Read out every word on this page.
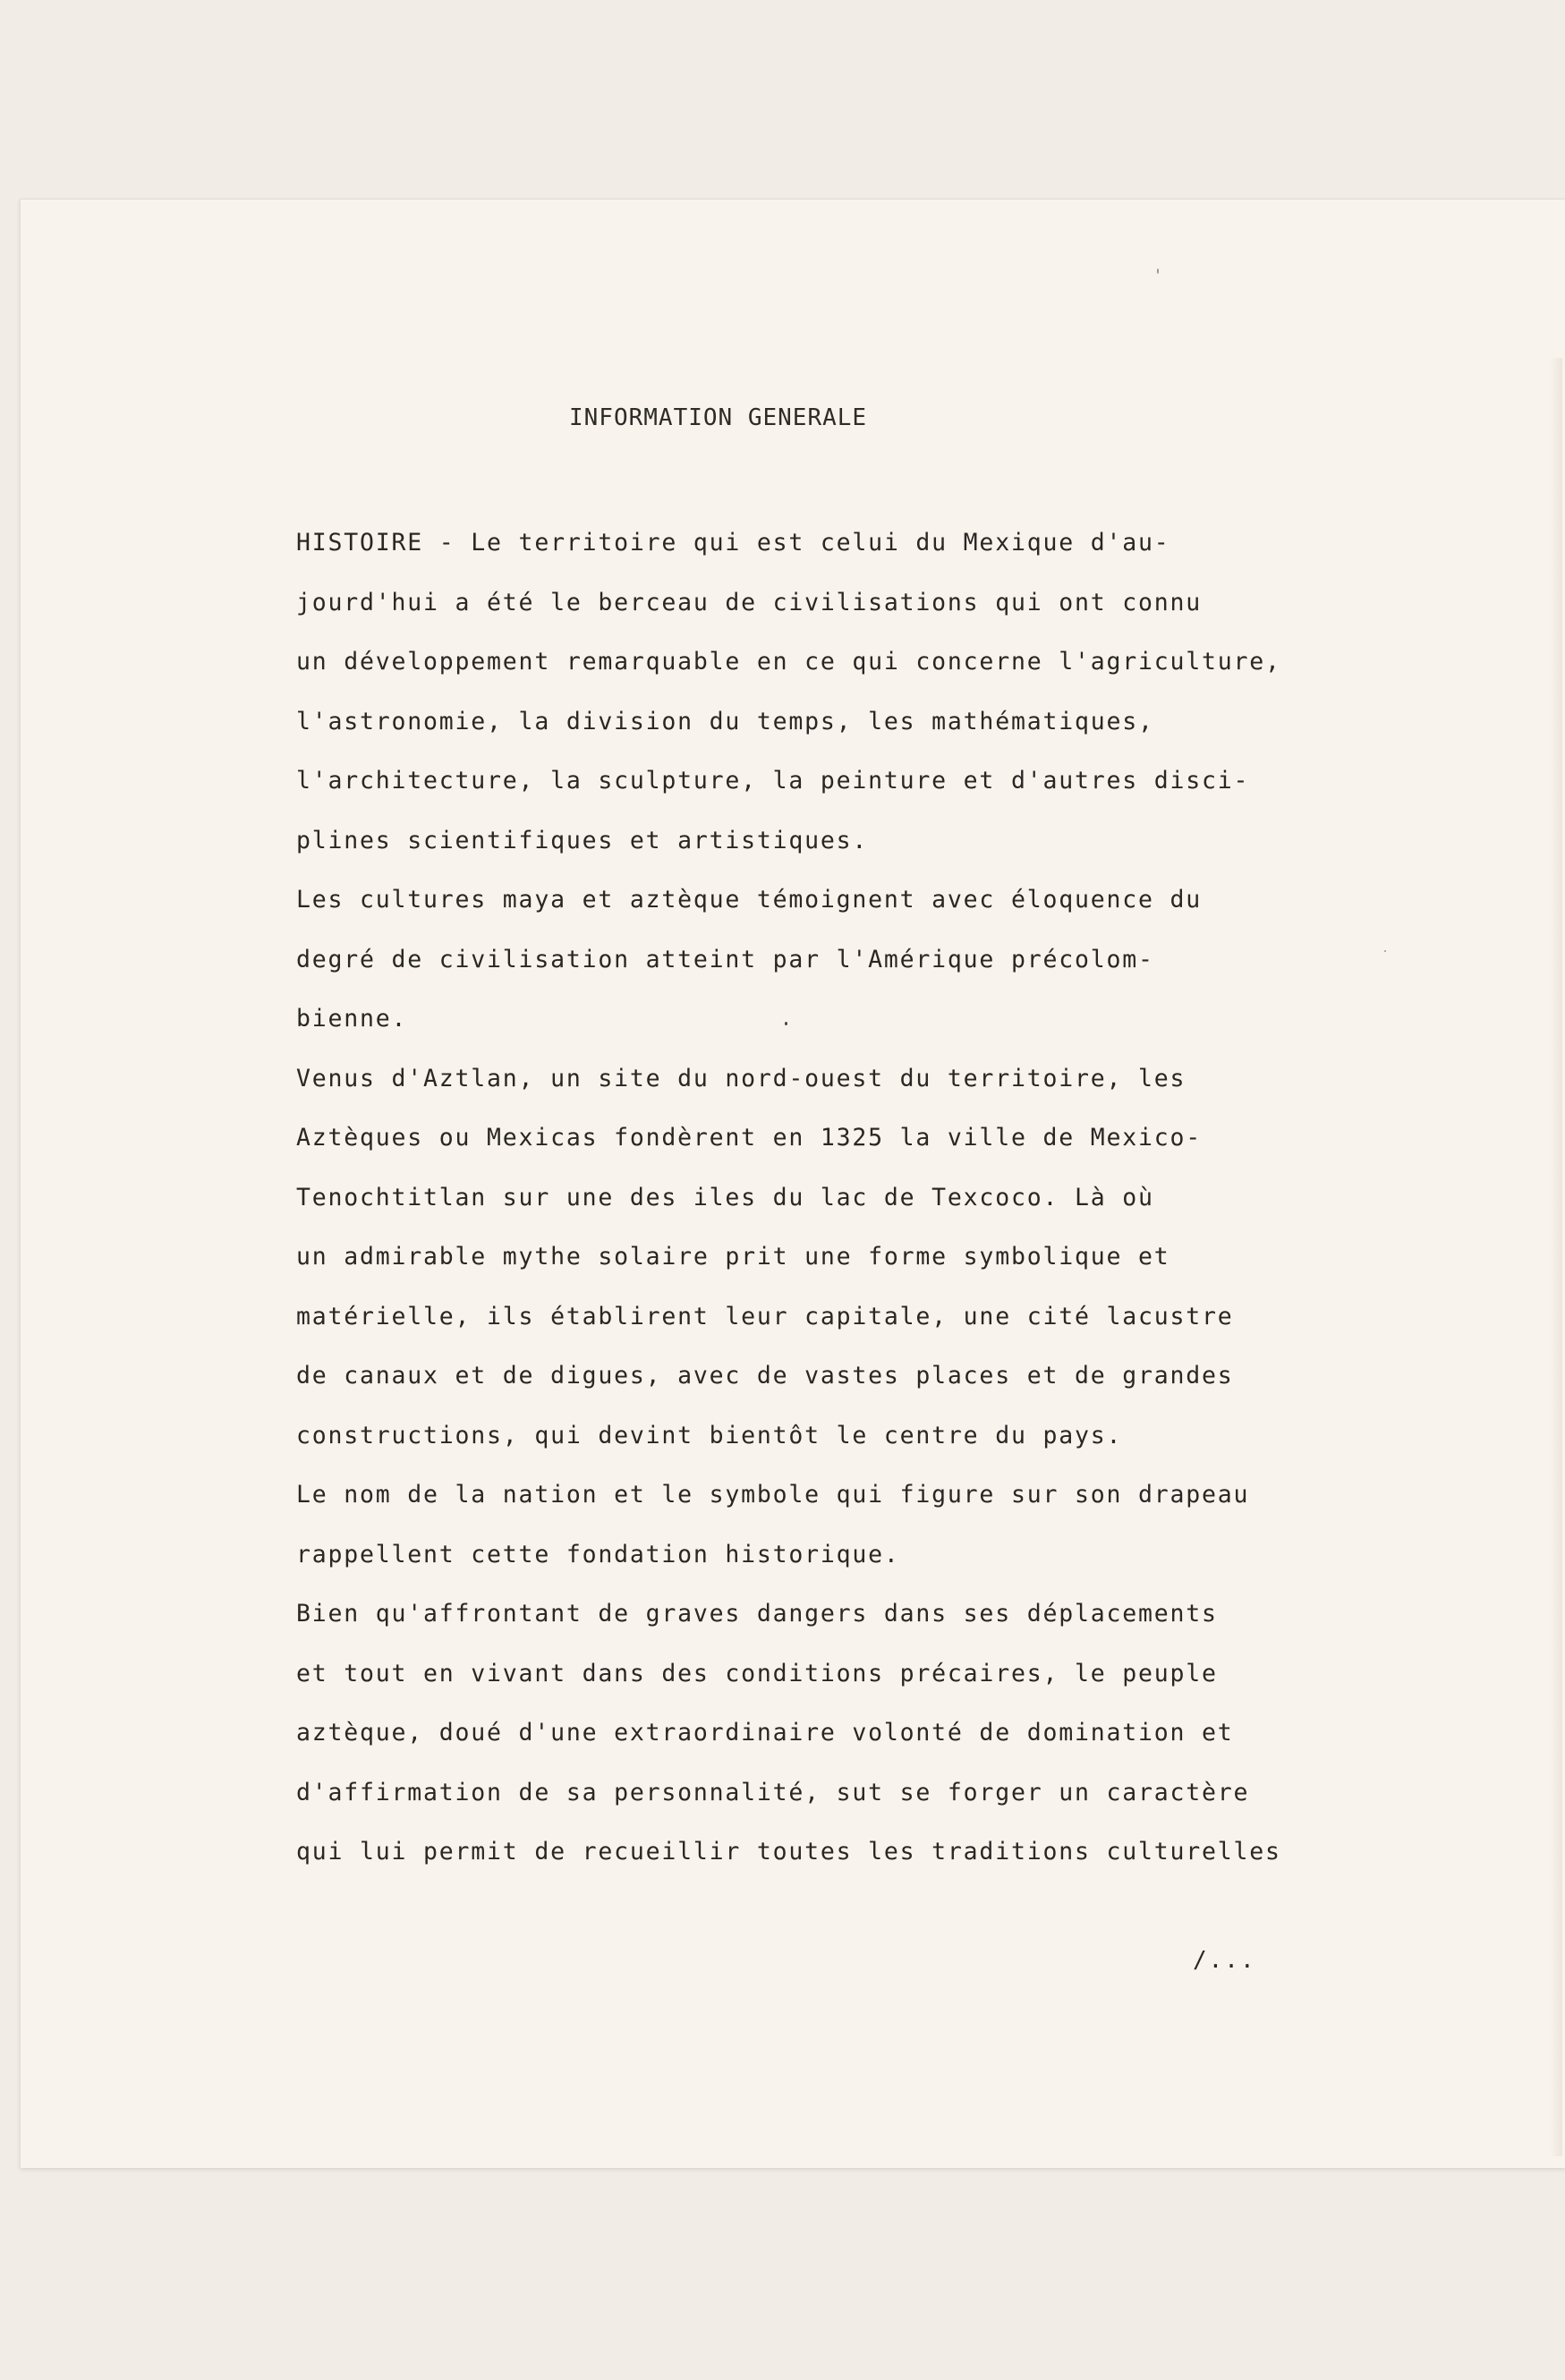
INFORMATION GENERALE
HISTOIRE - Le territoire qui est celui du Mexique d'au-
jourd'hui a été le berceau de civilisations qui ont connu
un développement remarquable en ce qui concerne l'agriculture,
l'astronomie, la division du temps, les mathématiques,
l'architecture, la sculpture, la peinture et d'autres disci-
plines scientifiques et artistiques.
Les cultures maya et aztèque témoignent avec éloquence du
degré de civilisation atteint par l'Amérique précolom-
bienne.
Venus d'Aztlan, un site du nord-ouest du territoire, les
Aztèques ou Mexicas fondèrent en 1325 la ville de Mexico-
Tenochtitlan sur une des iles du lac de Texcoco. Là où
un admirable mythe solaire prit une forme symbolique et
matérielle, ils établirent leur capitale, une cité lacustre
de canaux et de digues, avec de vastes places et de grandes
constructions, qui devint bientôt le centre du pays.
Le nom de la nation et le symbole qui figure sur son drapeau
rappellent cette fondation historique.
Bien qu'affrontant de graves dangers dans ses déplacements
et tout en vivant dans des conditions précaires, le peuple
aztèque, doué d'une extraordinaire volonté de domination et
d'affirmation de sa personnalité, sut se forger un caractère
qui lui permit de recueillir toutes les traditions culturelles
/...
